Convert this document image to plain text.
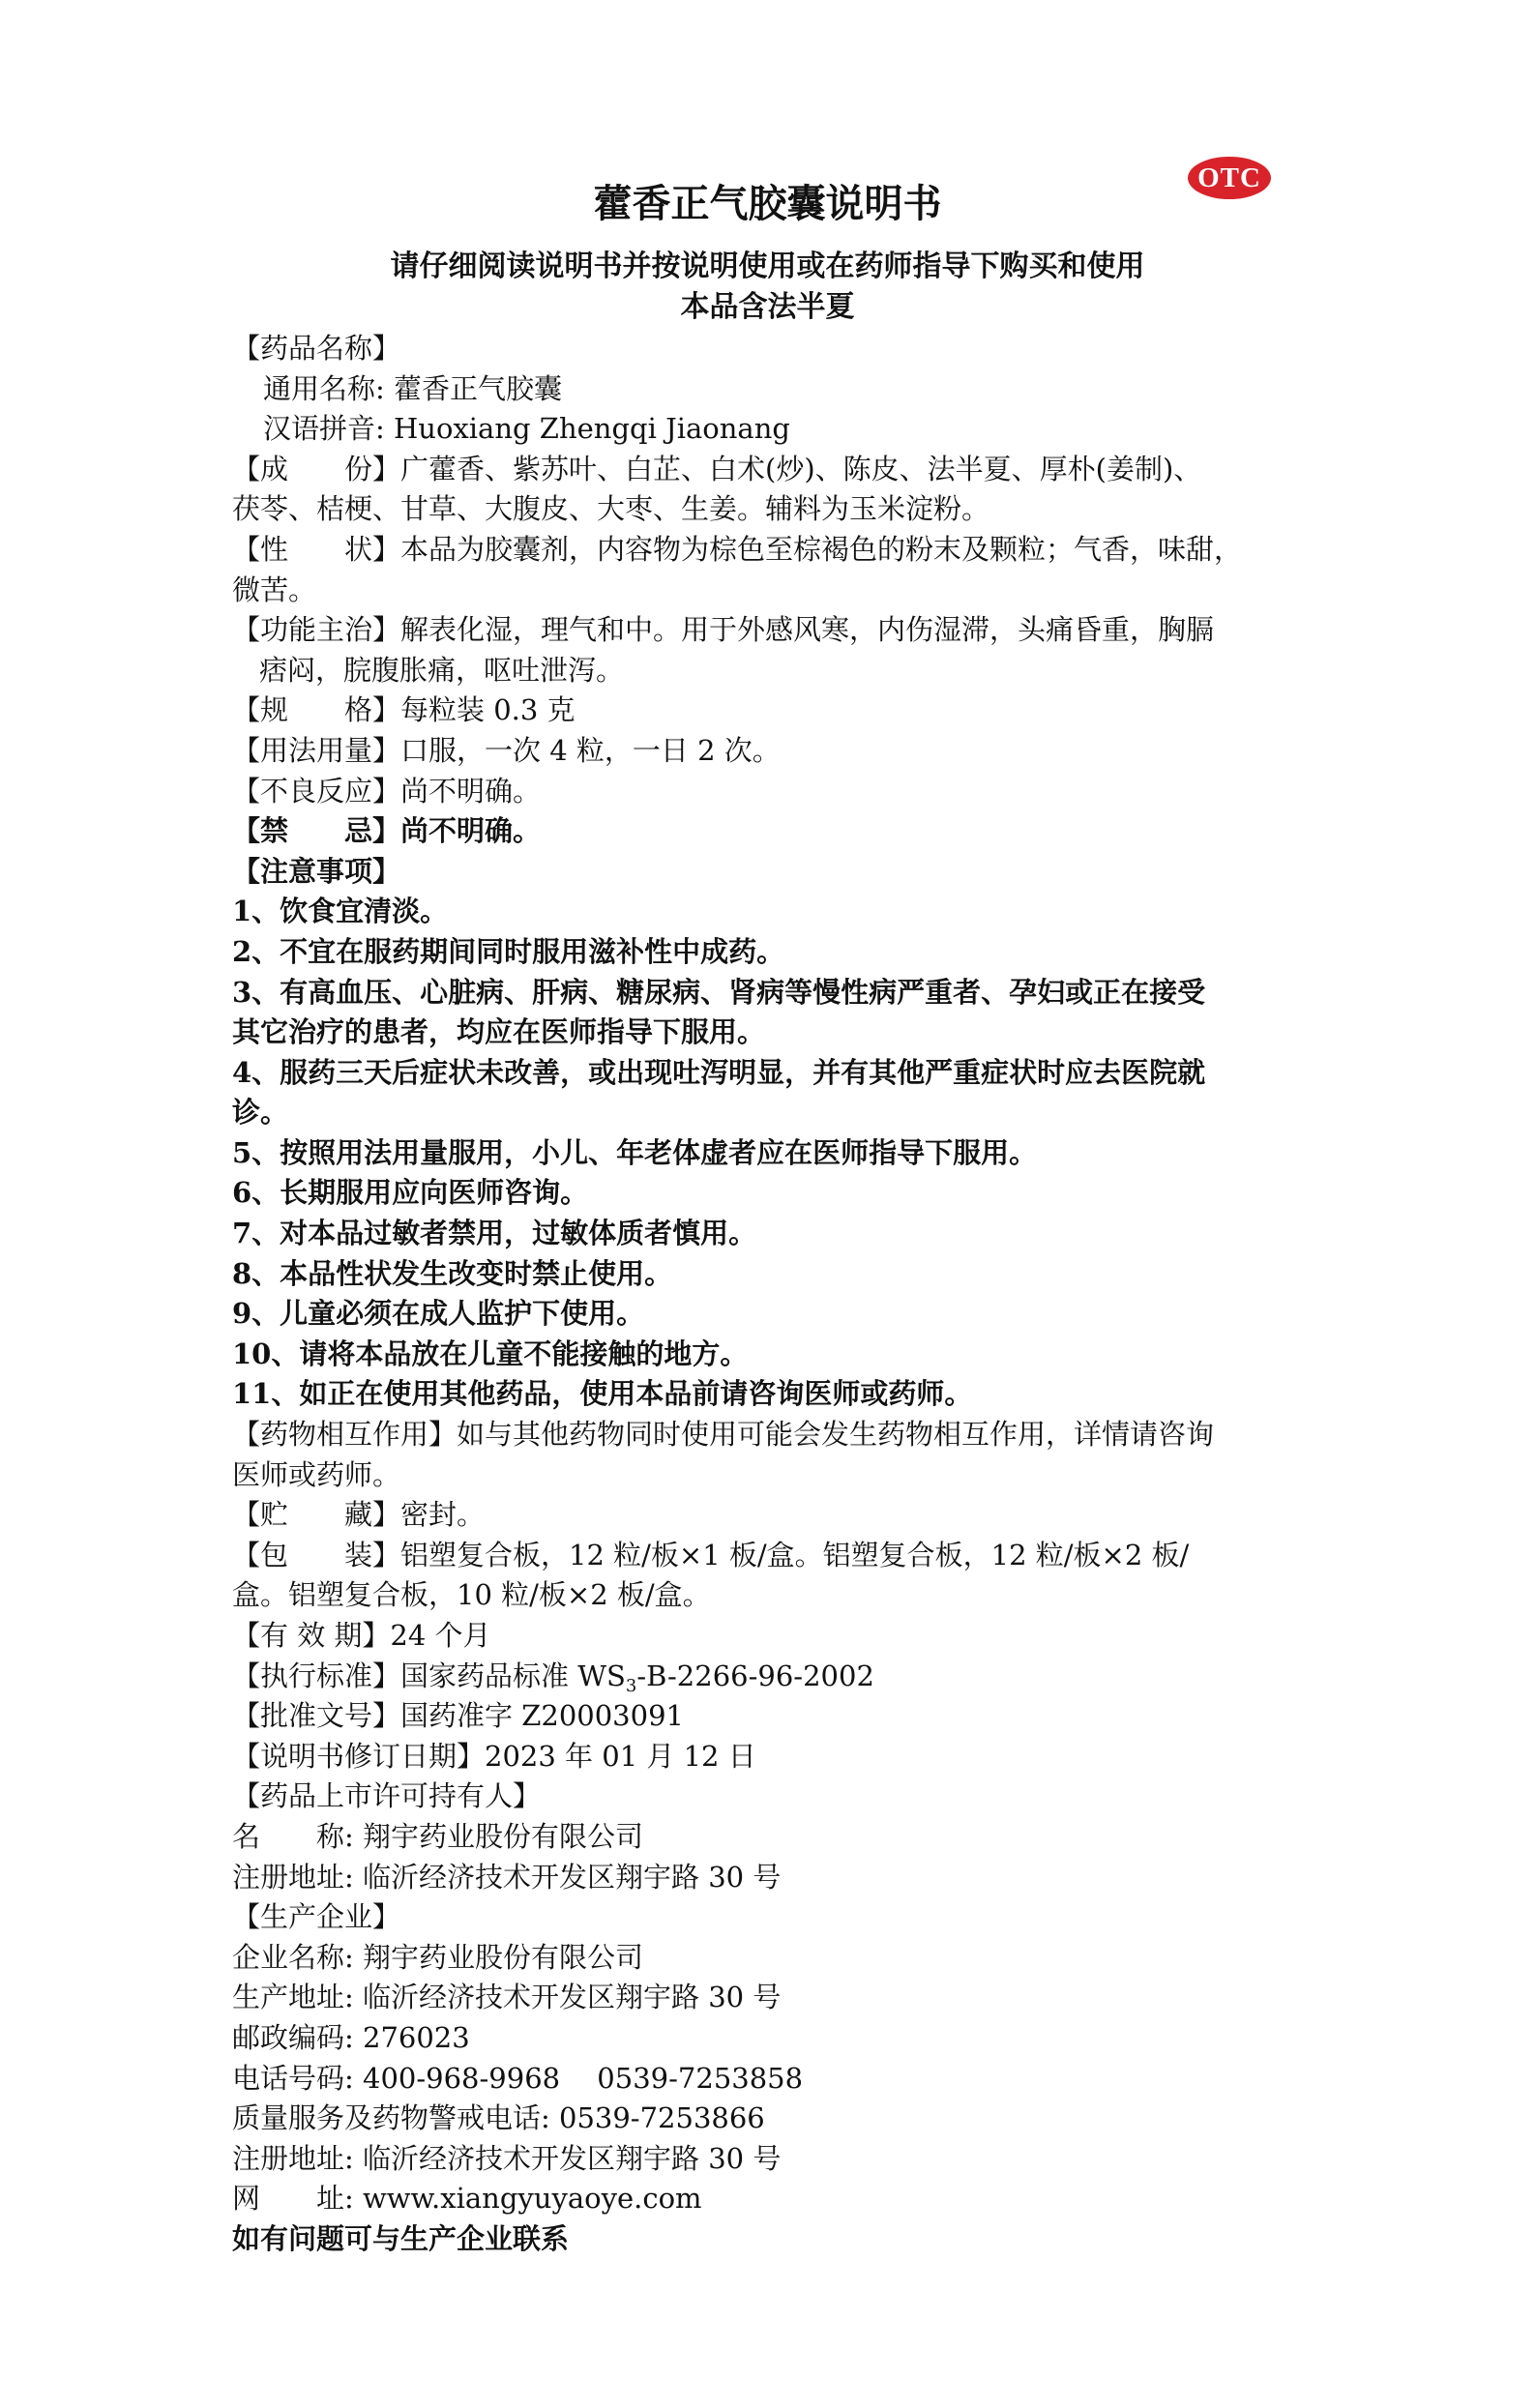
OTC
藿香正气胶囊说明书
请仔细阅读说明书并按说明使用或在药师指导下购买和使用
本品含法半夏
【药品名称】
通用名称: 藿香正气胶囊
汉语拼音: Huoxiang Zhengqi Jiaonang
【成　　份】广藿香、紫苏叶、白芷、白术(炒)、陈皮、法半夏、厚朴(姜制)、
茯苓、桔梗、甘草、大腹皮、大枣、生姜。辅料为玉米淀粉。
【性　　状】本品为胶囊剂，内容物为棕色至棕褐色的粉末及颗粒；气香，味甜，
微苦。
【功能主治】解表化湿，理气和中。用于外感风寒，内伤湿滞，头痛昏重，胸膈
痞闷，脘腹胀痛，呕吐泄泻。
【规　　格】每粒装 0.3 克
【用法用量】口服，一次 4 粒，一日 2 次。
【不良反应】尚不明确。
【禁　　忌】尚不明确。
【注意事项】
1、饮食宜清淡。
2、不宜在服药期间同时服用滋补性中成药。
3、有高血压、心脏病、肝病、糖尿病、肾病等慢性病严重者、孕妇或正在接受
其它治疗的患者，均应在医师指导下服用。
4、服药三天后症状未改善，或出现吐泻明显，并有其他严重症状时应去医院就
诊。
5、按照用法用量服用，小儿、年老体虚者应在医师指导下服用。
6、长期服用应向医师咨询。
7、对本品过敏者禁用，过敏体质者慎用。
8、本品性状发生改变时禁止使用。
9、儿童必须在成人监护下使用。
10、请将本品放在儿童不能接触的地方。
11、如正在使用其他药品，使用本品前请咨询医师或药师。
【药物相互作用】如与其他药物同时使用可能会发生药物相互作用，详情请咨询
医师或药师。
【贮　　藏】密封。
【包　　装】铝塑复合板，12 粒/板×1 板/盒。铝塑复合板，12 粒/板×2 板/
盒。铝塑复合板，10 粒/板×2 板/盒。
【有 效 期】24 个月
【执行标准】国家药品标准 $WS_3-B-2266-96-2002$
【批准文号】国药准字 Z20003091
【说明书修订日期】2023 年 01 月 12 日
【药品上市许可持有人】
名　　称: 翔宇药业股份有限公司
注册地址: 临沂经济技术开发区翔宇路 30 号
【生产企业】
企业名称: 翔宇药业股份有限公司
生产地址: 临沂经济技术开发区翔宇路 30 号
邮政编码: 276023
电话号码: 400-968-9968　 0539-7253858
质量服务及药物警戒电话: 0539-7253866
注册地址: 临沂经济技术开发区翔宇路 30 号
网　　址: www.xiangyuyaoye.com
如有问题可与生产企业联系
